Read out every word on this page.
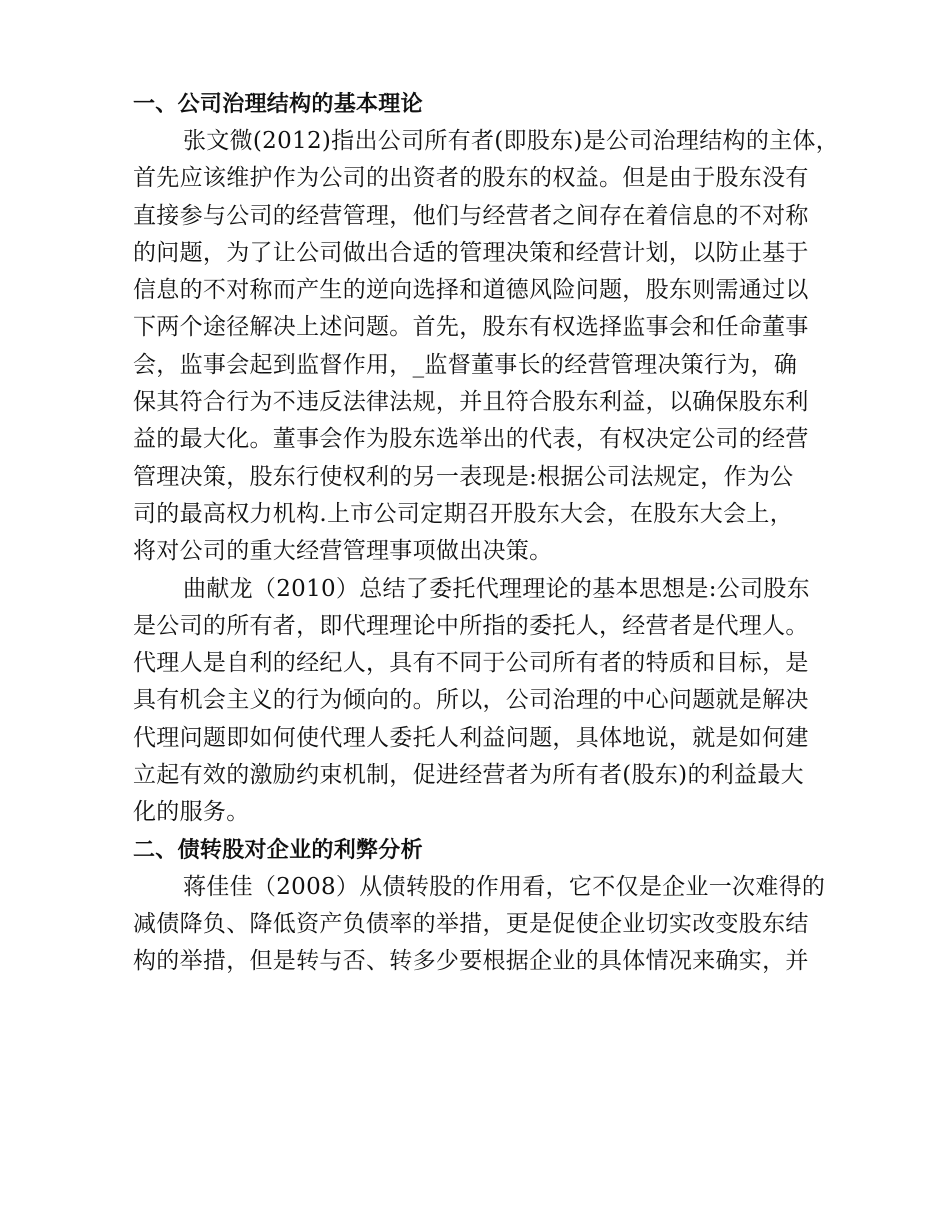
一、公司治理结构的基本理论

张文微(2012)指出公司所有者(即股东)是公司治理结构的主体，
首先应该维护作为公司的出资者的股东的权益。但是由于股东没有
直接参与公司的经营管理，他们与经营者之间存在着信息的不对称
的问题，为了让公司做出合适的管理决策和经营计划，以防止基于
信息的不对称而产生的逆向选择和道德风险问题，股东则需通过以
下两个途径解决上述问题。首先，股东有权选择监事会和任命董事
会，监事会起到监督作用，_监督董事长的经营管理决策行为，确
保其符合行为不违反法律法规，并且符合股东利益，以确保股东利
益的最大化。董事会作为股东选举出的代表，有权决定公司的经营
管理决策，股东行使权利的另一表现是:根据公司法规定，作为公
司的最高权力机构.上市公司定期召开股东大会，在股东大会上，
将对公司的重大经营管理事项做出决策。

曲献龙（2010）总结了委托代理理论的基本思想是:公司股东
是公司的所有者，即代理理论中所指的委托人，经营者是代理人。
代理人是自利的经纪人，具有不同于公司所有者的特质和目标，是
具有机会主义的行为倾向的。所以，公司治理的中心问题就是解决
代理问题即如何使代理人委托人利益问题，具体地说，就是如何建
立起有效的激励约束机制，促进经营者为所有者(股东)的利益最大
化的服务。

二、债转股对企业的利弊分析

蒋佳佳（2008）从债转股的作用看，它不仅是企业一次难得的
减债降负、降低资产负债率的举措，更是促使企业切实改变股东结
构的举措，但是转与否、转多少要根据企业的具体情况来确实，并
